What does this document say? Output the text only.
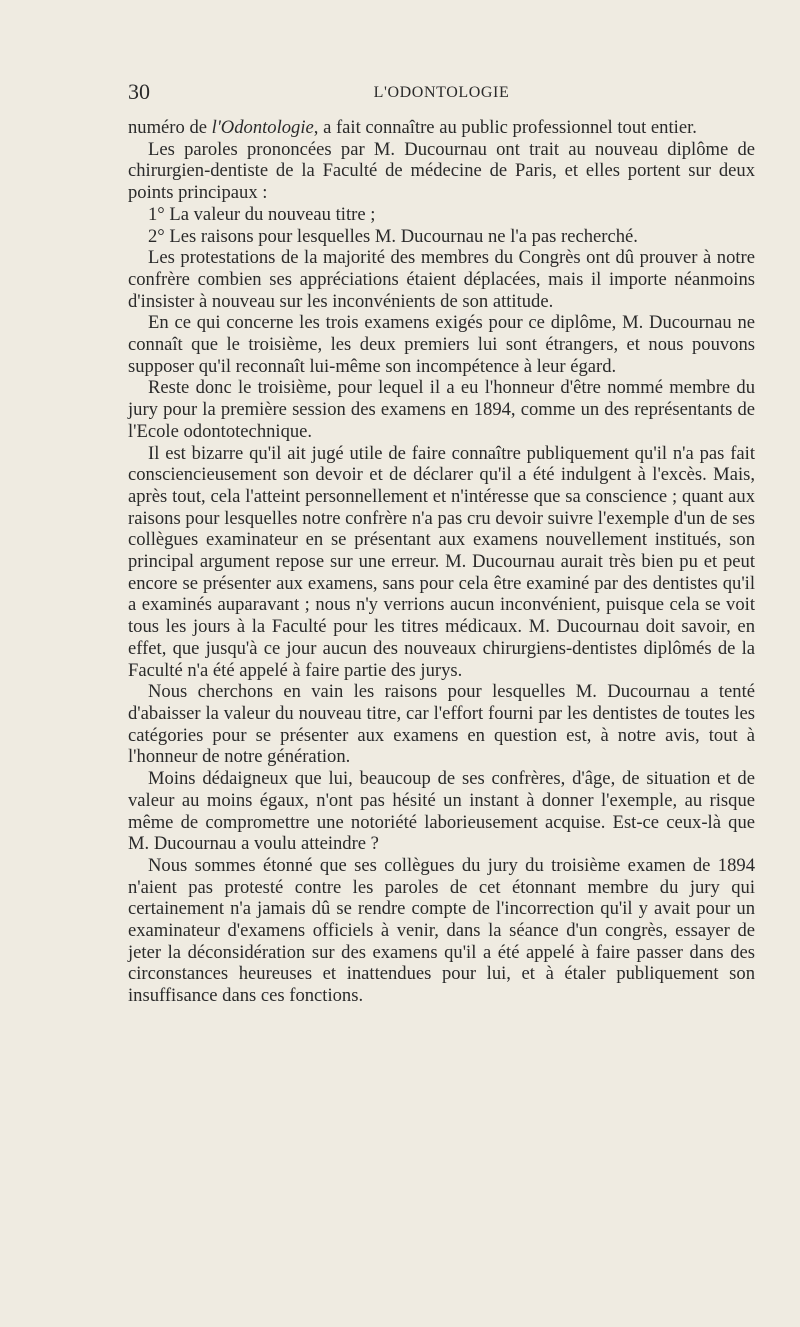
30	L'ODONTOLOGIE

numéro de l'Odontologie, a fait connaître au public professionnel tout entier.

Les paroles prononcées par M. Ducournau ont trait au nouveau diplôme de chirurgien-dentiste de la Faculté de médecine de Paris, et elles portent sur deux points principaux :

1° La valeur du nouveau titre ;

2° Les raisons pour lesquelles M. Ducournau ne l'a pas recherché.

Les protestations de la majorité des membres du Congrès ont dû prouver à notre confrère combien ses appréciations étaient déplacées, mais il importe néanmoins d'insister à nouveau sur les inconvénients de son attitude.

En ce qui concerne les trois examens exigés pour ce diplôme, M. Ducournau ne connaît que le troisième, les deux premiers lui sont étrangers, et nous pouvons supposer qu'il reconnaît lui-même son incompétence à leur égard.

Reste donc le troisième, pour lequel il a eu l'honneur d'être nommé membre du jury pour la première session des examens en 1894, comme un des représentants de l'Ecole odontotechnique.

Il est bizarre qu'il ait jugé utile de faire connaître publiquement qu'il n'a pas fait consciencieusement son devoir et de déclarer qu'il a été indulgent à l'excès. Mais, après tout, cela l'atteint personnellement et n'intéresse que sa conscience ; quant aux raisons pour lesquelles notre confrère n'a pas cru devoir suivre l'exemple d'un de ses collègues examinateur en se présentant aux examens nouvellement institués, son principal argument repose sur une erreur. M. Ducournau aurait très bien pu et peut encore se présenter aux examens, sans pour cela être examiné par des dentistes qu'il a examinés auparavant ; nous n'y verrions aucun inconvénient, puisque cela se voit tous les jours à la Faculté pour les titres médicaux. M. Ducournau doit savoir, en effet, que jusqu'à ce jour aucun des nouveaux chirurgiens-dentistes diplômés de la Faculté n'a été appelé à faire partie des jurys.

Nous cherchons en vain les raisons pour lesquelles M. Ducournau a tenté d'abaisser la valeur du nouveau titre, car l'effort fourni par les dentistes de toutes les catégories pour se présenter aux examens en question est, à notre avis, tout à l'honneur de notre génération.

Moins dédaigneux que lui, beaucoup de ses confrères, d'âge, de situation et de valeur au moins égaux, n'ont pas hésité un instant à donner l'exemple, au risque même de compromettre une notoriété laborieusement acquise. Est-ce ceux-là que M. Ducournau a voulu atteindre ?

Nous sommes étonné que ses collègues du jury du troisième examen de 1894 n'aient pas protesté contre les paroles de cet étonnant membre du jury qui certainement n'a jamais dû se rendre compte de l'incorrection qu'il y avait pour un examinateur d'examens officiels à venir, dans la séance d'un congrès, essayer de jeter la déconsidération sur des examens qu'il a été appelé à faire passer dans des circonstances heureuses et inattendues pour lui, et à étaler publiquement son insuffisance dans ces fonctions.
